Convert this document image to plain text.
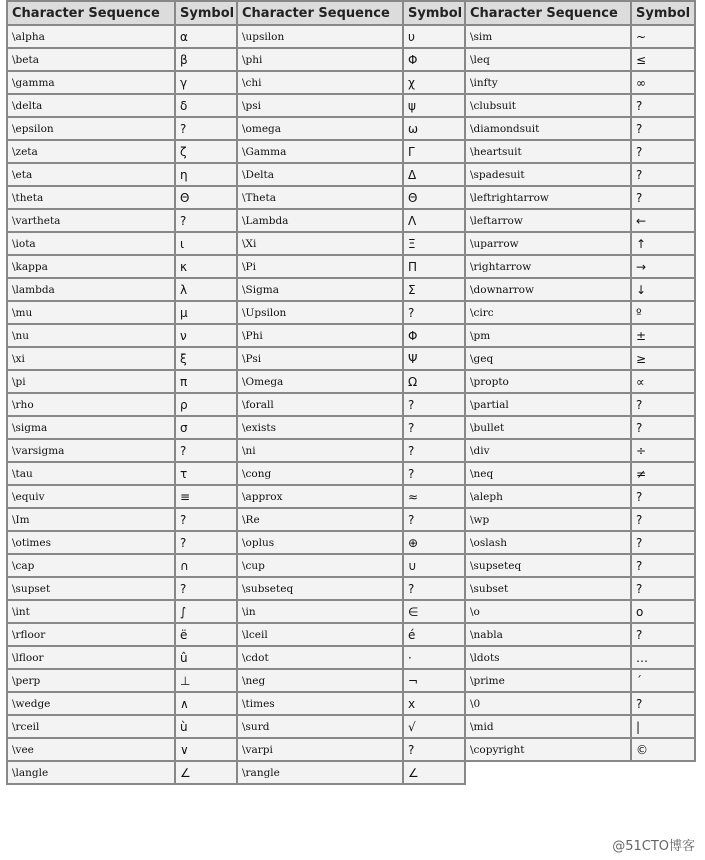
Character Sequence	Symbol	Character Sequence	Symbol	Character Sequence	Symbol
\alpha	α	\upsilon	υ	\sim	~
\beta	β	\phi	Φ	\leq	≤
\gamma	γ	\chi	χ	\infty	∞
\delta	δ	\psi	ψ	\clubsuit	?
\epsilon	?	\omega	ω	\diamondsuit	?
\zeta	ζ	\Gamma	Γ	\heartsuit	?
\eta	η	\Delta	Δ	\spadesuit	?
\theta	Θ	\Theta	Θ	\leftrightarrow	?
\vartheta	?	\Lambda	Λ	\leftarrow	←
\iota	ι	\Xi	Ξ	\uparrow	↑
\kappa	κ	\Pi	Π	\rightarrow	→
\lambda	λ	\Sigma	Σ	\downarrow	↓
\mu	μ	\Upsilon	?	\circ	º
\nu	ν	\Phi	Φ	\pm	±
\xi	ξ	\Psi	Ψ	\geq	≥
\pi	π	\Omega	Ω	\propto	∝
\rho	ρ	\forall	?	\partial	?
\sigma	σ	\exists	?	\bullet	?
\varsigma	?	\ni	?	\div	÷
\tau	τ	\cong	?	\neq	≠
\equiv	≡	\approx	≈	\aleph	?
\Im	?	\Re	?	\wp	?
\otimes	?	\oplus	⊕	\oslash	?
\cap	∩	\cup	∪	\supseteq	?
\supset	?	\subseteq	?	\subset	?
\int	∫	\in	∈	\o	ο
\rfloor	ë	\lceil	é	\nabla	?
\lfloor	û	\cdot	·	\ldots	…
\perp	⊥	\neg	¬	\prime	´
\wedge	∧	\times	x	\0	?
\rceil	ù	\surd	√	\mid	|
\vee	∨	\varpi	?	\copyright	©
\langle	∠	\rangle	∠		
@51CTO博客
